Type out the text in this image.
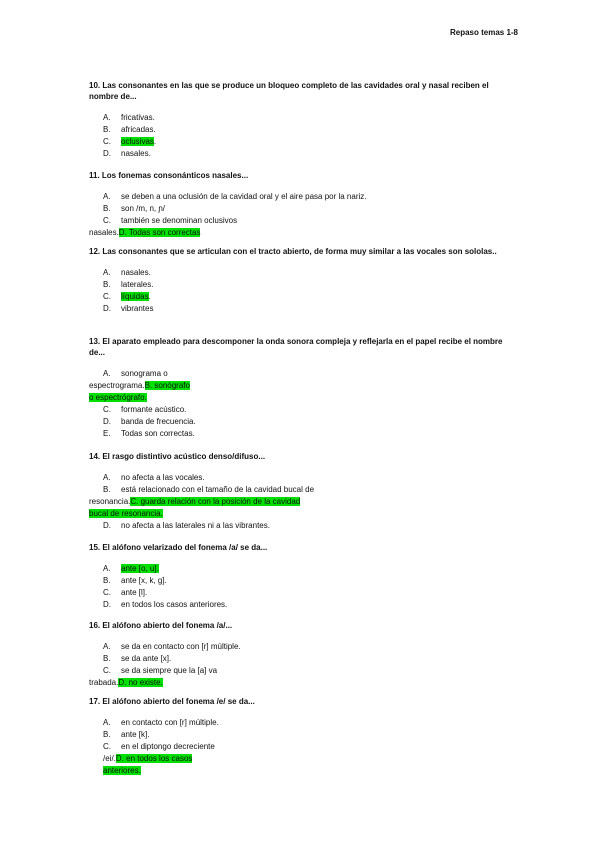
Repaso temas 1-8

10. Las consonantes en las que se produce un bloqueo completo de las cavidades oral y nasal reciben el nombre de...

A. fricativas.
B. africadas.
C. oclusivas.
D. nasales.

11. Los fonemas consonánticos nasales...

A. se deben a una oclusión de la cavidad oral y el aire pasa por la nariz.
B. son /m, n, ɲ/
C. también se denominan oclusivos
nasales.D. Todas son correctas

12. Las consonantes que se articulan con el tracto abierto, de forma muy similar a las vocales son sololas..

A. nasales.
B. laterales.
C. líquidas.
D. vibrantes

13. El aparato empleado para descomponer la onda sonora compleja y reflejarla en el papel recibe el nombre de...

A. sonograma o
espectrograma.B. sonógrafo
o espectrógrafo.
C. formante acústico.
D. banda de frecuencia.
E. Todas son correctas.

14. El rasgo distintivo acústico denso/difuso...

A. no afecta a las vocales.
B. está relacionado con el tamaño de la cavidad bucal de
resonancia.C. guarda relación con la posición de la cavidad
bucal de resonancia.
D. no afecta a las laterales ni a las vibrantes.

15. El alófono velarizado del fonema /a/ se da...

A. ante [o, u].
B. ante [x, k, g].
C. ante [l].
D. en todos los casos anteriores.

16. El alófono abierto del fonema /a/...

A. se da en contacto con [r] múltiple.
B. se da ante [x].
C. se da siempre que la [a] va
trabada.D. no existe.

17. El alófono abierto del fonema /e/ se da...

A. en contacto con [r] múltiple.
B. ante [k].
C. en el diptongo decreciente
/ei/.D. en todos los casos
anteriores.
